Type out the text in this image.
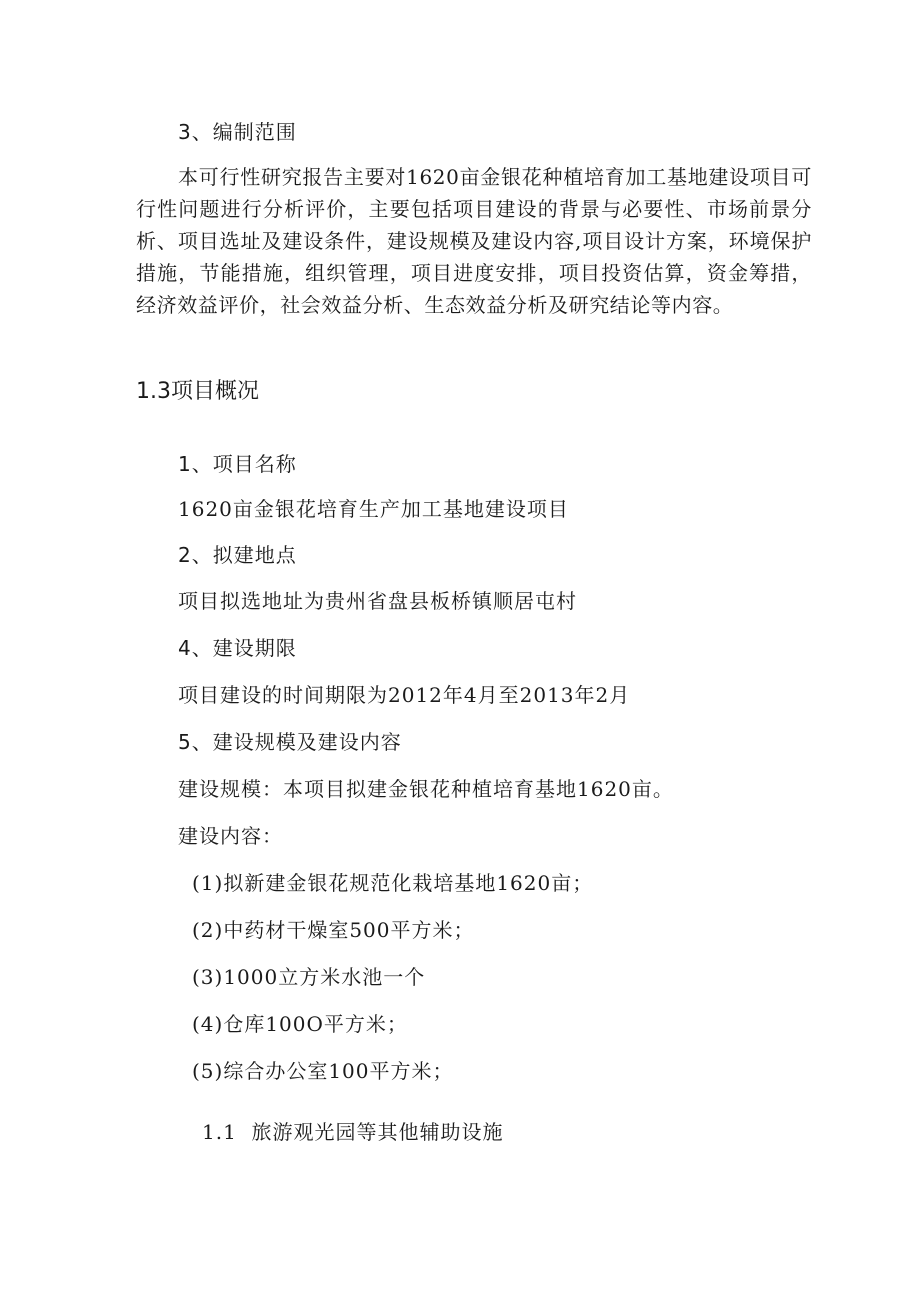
3、编制范围
本可行性研究报告主要对1620亩金银花种植培育加工基地建设项目可行性问题进行分析评价，主要包括项目建设的背景与必要性、市场前景分析、项目选址及建设条件，建设规模及建设内容,项目设计方案，环境保护措施，节能措施，组织管理，项目进度安排，项目投资估算，资金筹措，经济效益评价，社会效益分析、生态效益分析及研究结论等内容。
1.3项目概况
1、项目名称
1620亩金银花培育生产加工基地建设项目
2、拟建地点
项目拟选地址为贵州省盘县板桥镇顺居屯村
4、建设期限
项目建设的时间期限为2012年4月至2013年2月
5、建设规模及建设内容
建设规模：本项目拟建金银花种植培育基地1620亩。
建设内容：
(1)拟新建金银花规范化栽培基地1620亩；
(2)中药材干燥室500平方米；
(3)1000立方米水池一个
(4)仓库100O平方米；
(5)综合办公室100平方米；
1.1  旅游观光园等其他辅助设施
